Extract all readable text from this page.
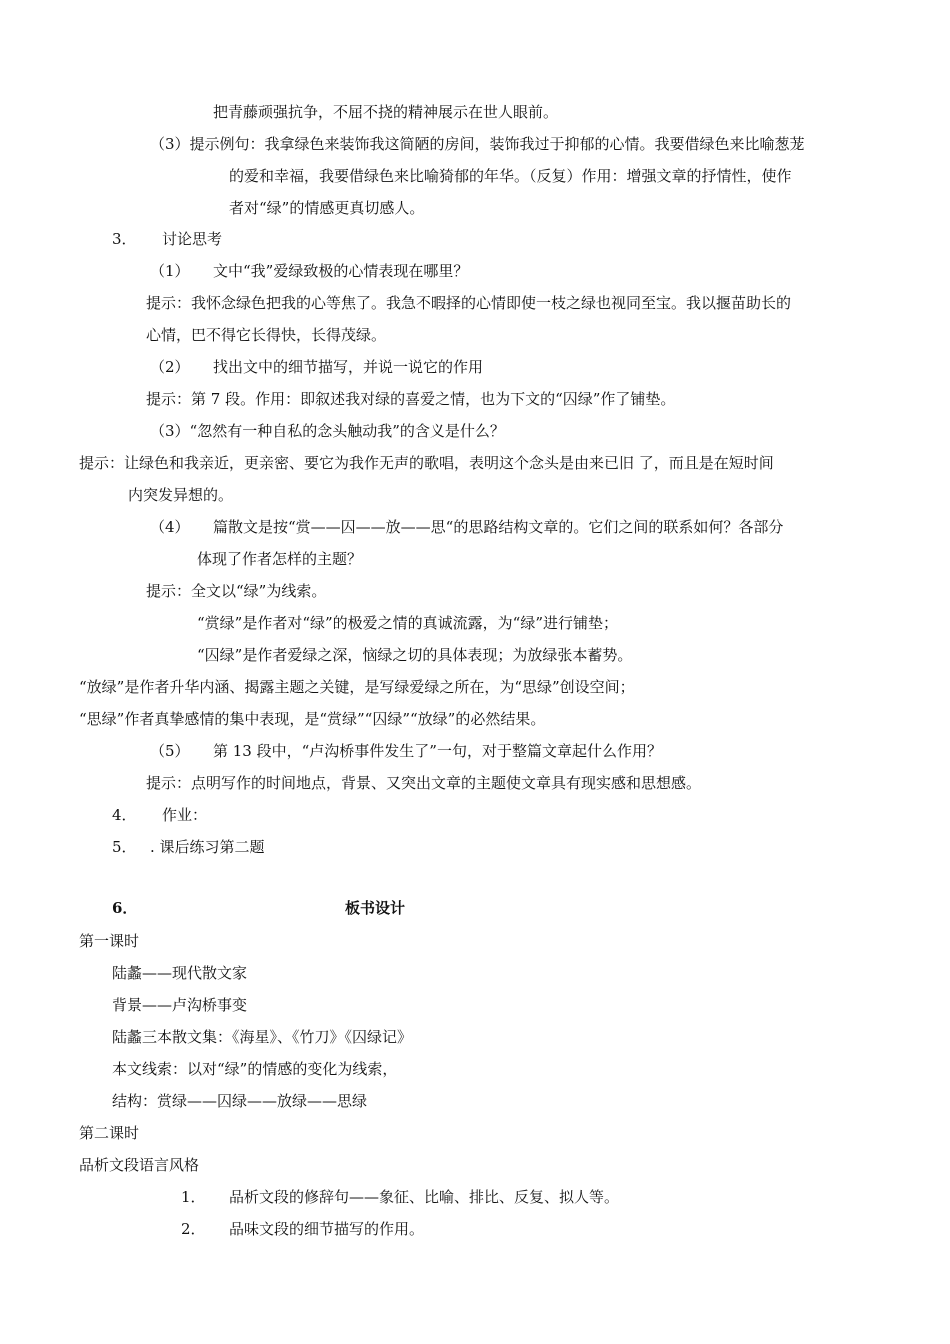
把青藤顽强抗争，不屈不挠的精神展示在世人眼前。
（3）提示例句：我拿绿色来装饰我这简陋的房间，装饰我过于抑郁的心情。我要借绿色来比喻葱茏
的爱和幸福，我要借绿色来比喻猗郁的年华。（反复）作用：增强文章的抒情性，使作
者对“绿”的情感更真切感人。
3． 讨论思考
（1） 文中“我”爱绿致极的心情表现在哪里？
提示：我怀念绿色把我的心等焦了。我急不暇择的心情即使一枝之绿也视同至宝。我以揠苗助长的
心情，巴不得它长得快，长得茂绿。
（2） 找出文中的细节描写，并说一说它的作用
提示：第 7 段。作用：即叙述我对绿的喜爱之情，也为下文的“囚绿”作了铺垫。
（3）“忽然有一种自私的念头触动我”的含义是什么？
提示：让绿色和我亲近，更亲密、要它为我作无声的歌唱，表明这个念头是由来已旧 了，而且是在短时间
内突发异想的。
（4） 篇散文是按“赏——囚——放——思“的思路结构文章的。它们之间的联系如何？各部分
体现了作者怎样的主题？
提示：全文以“绿”为线索。
“赏绿”是作者对“绿”的极爱之情的真诚流露，为“绿”进行铺垫；
“囚绿”是作者爱绿之深，恼绿之切的具体表现；为放绿张本蓄势。
“放绿”是作者升华内涵、揭露主题之关键，是写绿爱绿之所在，为“思绿”创设空间；
“思绿”作者真挚感情的集中表现，是“赏绿”“囚绿”“放绿”的必然结果。
（5） 第 13 段中，“卢沟桥事件发生了”一句，对于整篇文章起什么作用？
提示：点明写作的时间地点，背景、又突出文章的主题使文章具有现实感和思想感。
4． 作业：
5． . 课后练习第二题
6．	板书设计
第一课时
陆蠡——现代散文家
背景——卢沟桥事变
陆蠡三本散文集：《海星》、《竹刀》《囚绿记》
本文线索：以对“绿”的情感的变化为线索，
结构：赏绿——囚绿——放绿——思绿
第二课时
品析文段语言风格
1． 品析文段的修辞句——象征、比喻、排比、反复、拟人等。
2． 品味文段的细节描写的作用。
